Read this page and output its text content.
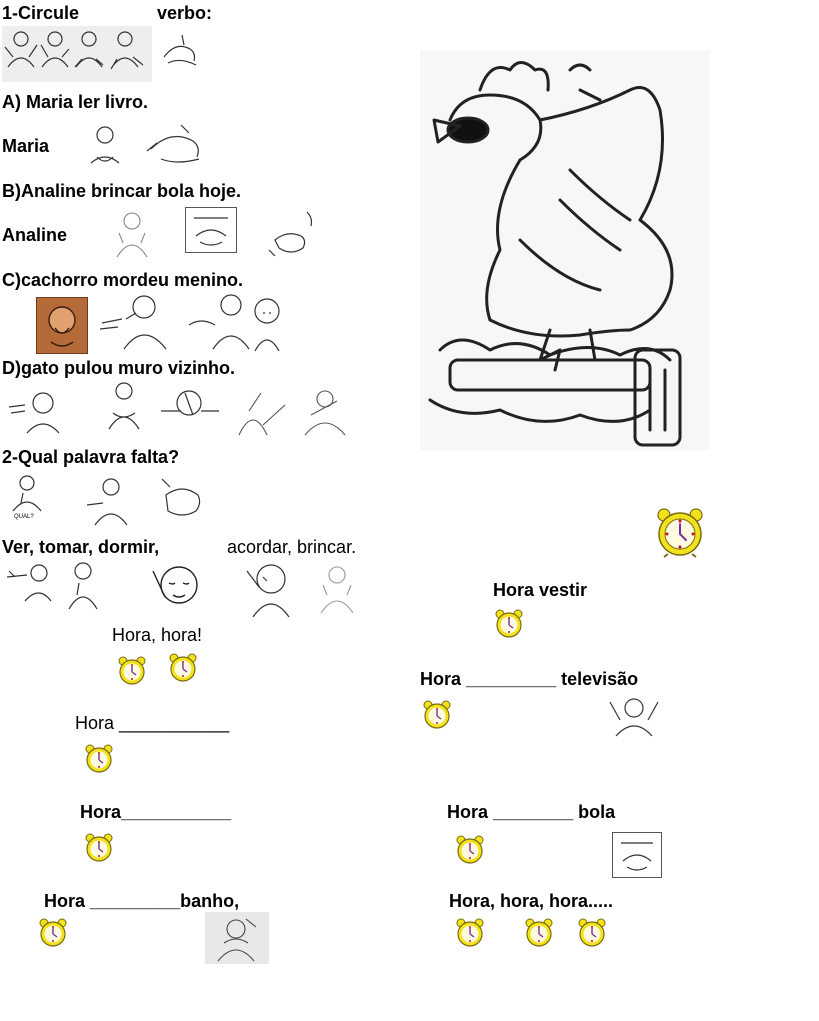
1-Circule	verbo:
A) Maria ler livro.
Maria
B)Analine brincar bola hoje.
Analine
C)cachorro mordeu menino.
D)gato pulou muro vizinho.
2-Qual palavra falta?
QUAL?
Ver, tomar, dormir,	acordar, brincar.
Hora, hora!
Hora ___________
Hora___________
Hora _________banho,
Hora vestir
Hora _________ televisão
Hora ________ bola
Hora, hora, hora.....
